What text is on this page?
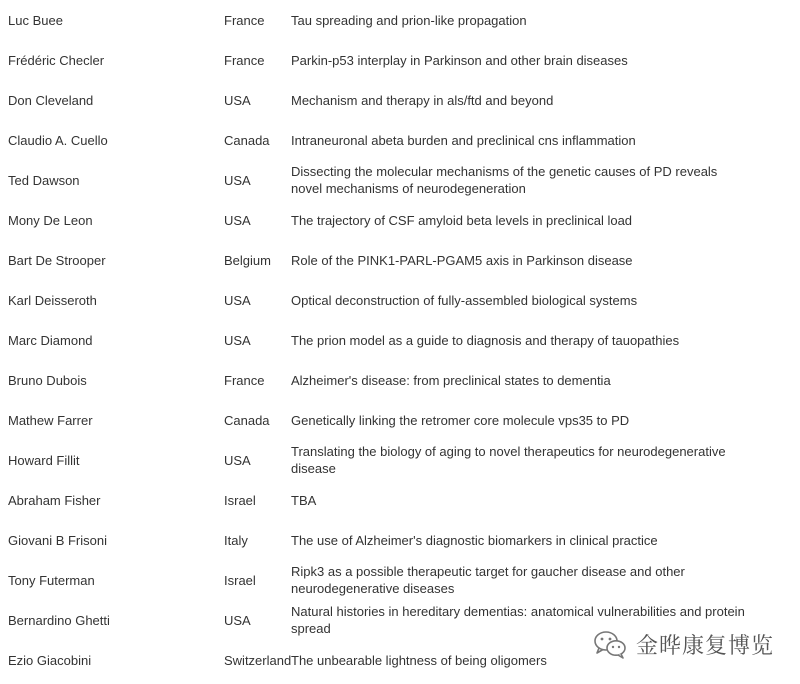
Luc Buee	France	Tau spreading and prion-like propagation
Frédéric Checler	France	Parkin-p53 interplay in Parkinson and other brain diseases
Don Cleveland	USA	Mechanism and therapy in als/ftd and beyond
Claudio A. Cuello	Canada	Intraneuronal abeta burden and preclinical cns inflammation
Ted Dawson	USA	Dissecting the molecular mechanisms of the genetic causes of PD reveals novel mechanisms of neurodegeneration
Mony De Leon	USA	The trajectory of CSF amyloid beta levels in preclinical load
Bart De Strooper	Belgium	Role of the PINK1-PARL-PGAM5 axis in Parkinson disease
Karl Deisseroth	USA	Optical deconstruction of fully-assembled biological systems
Marc Diamond	USA	The prion model as a guide to diagnosis and therapy of tauopathies
Bruno Dubois	France	Alzheimer's disease: from preclinical states to dementia
Mathew Farrer	Canada	Genetically linking the retromer core molecule vps35 to PD
Howard Fillit	USA	Translating the biology of aging to novel therapeutics for neurodegenerative disease
Abraham Fisher	Israel	TBA
Giovani B Frisoni	Italy	The use of Alzheimer's diagnostic biomarkers in clinical practice
Tony Futerman	Israel	Ripk3 as a possible therapeutic target for gaucher disease and other neurodegenerative diseases
Bernardino Ghetti	USA	Natural histories in hereditary dementias: anatomical vulnerabilities and protein spread
Ezio Giacobini	Switzerland	The unbearable lightness of being oligomers
金晔康复博览
